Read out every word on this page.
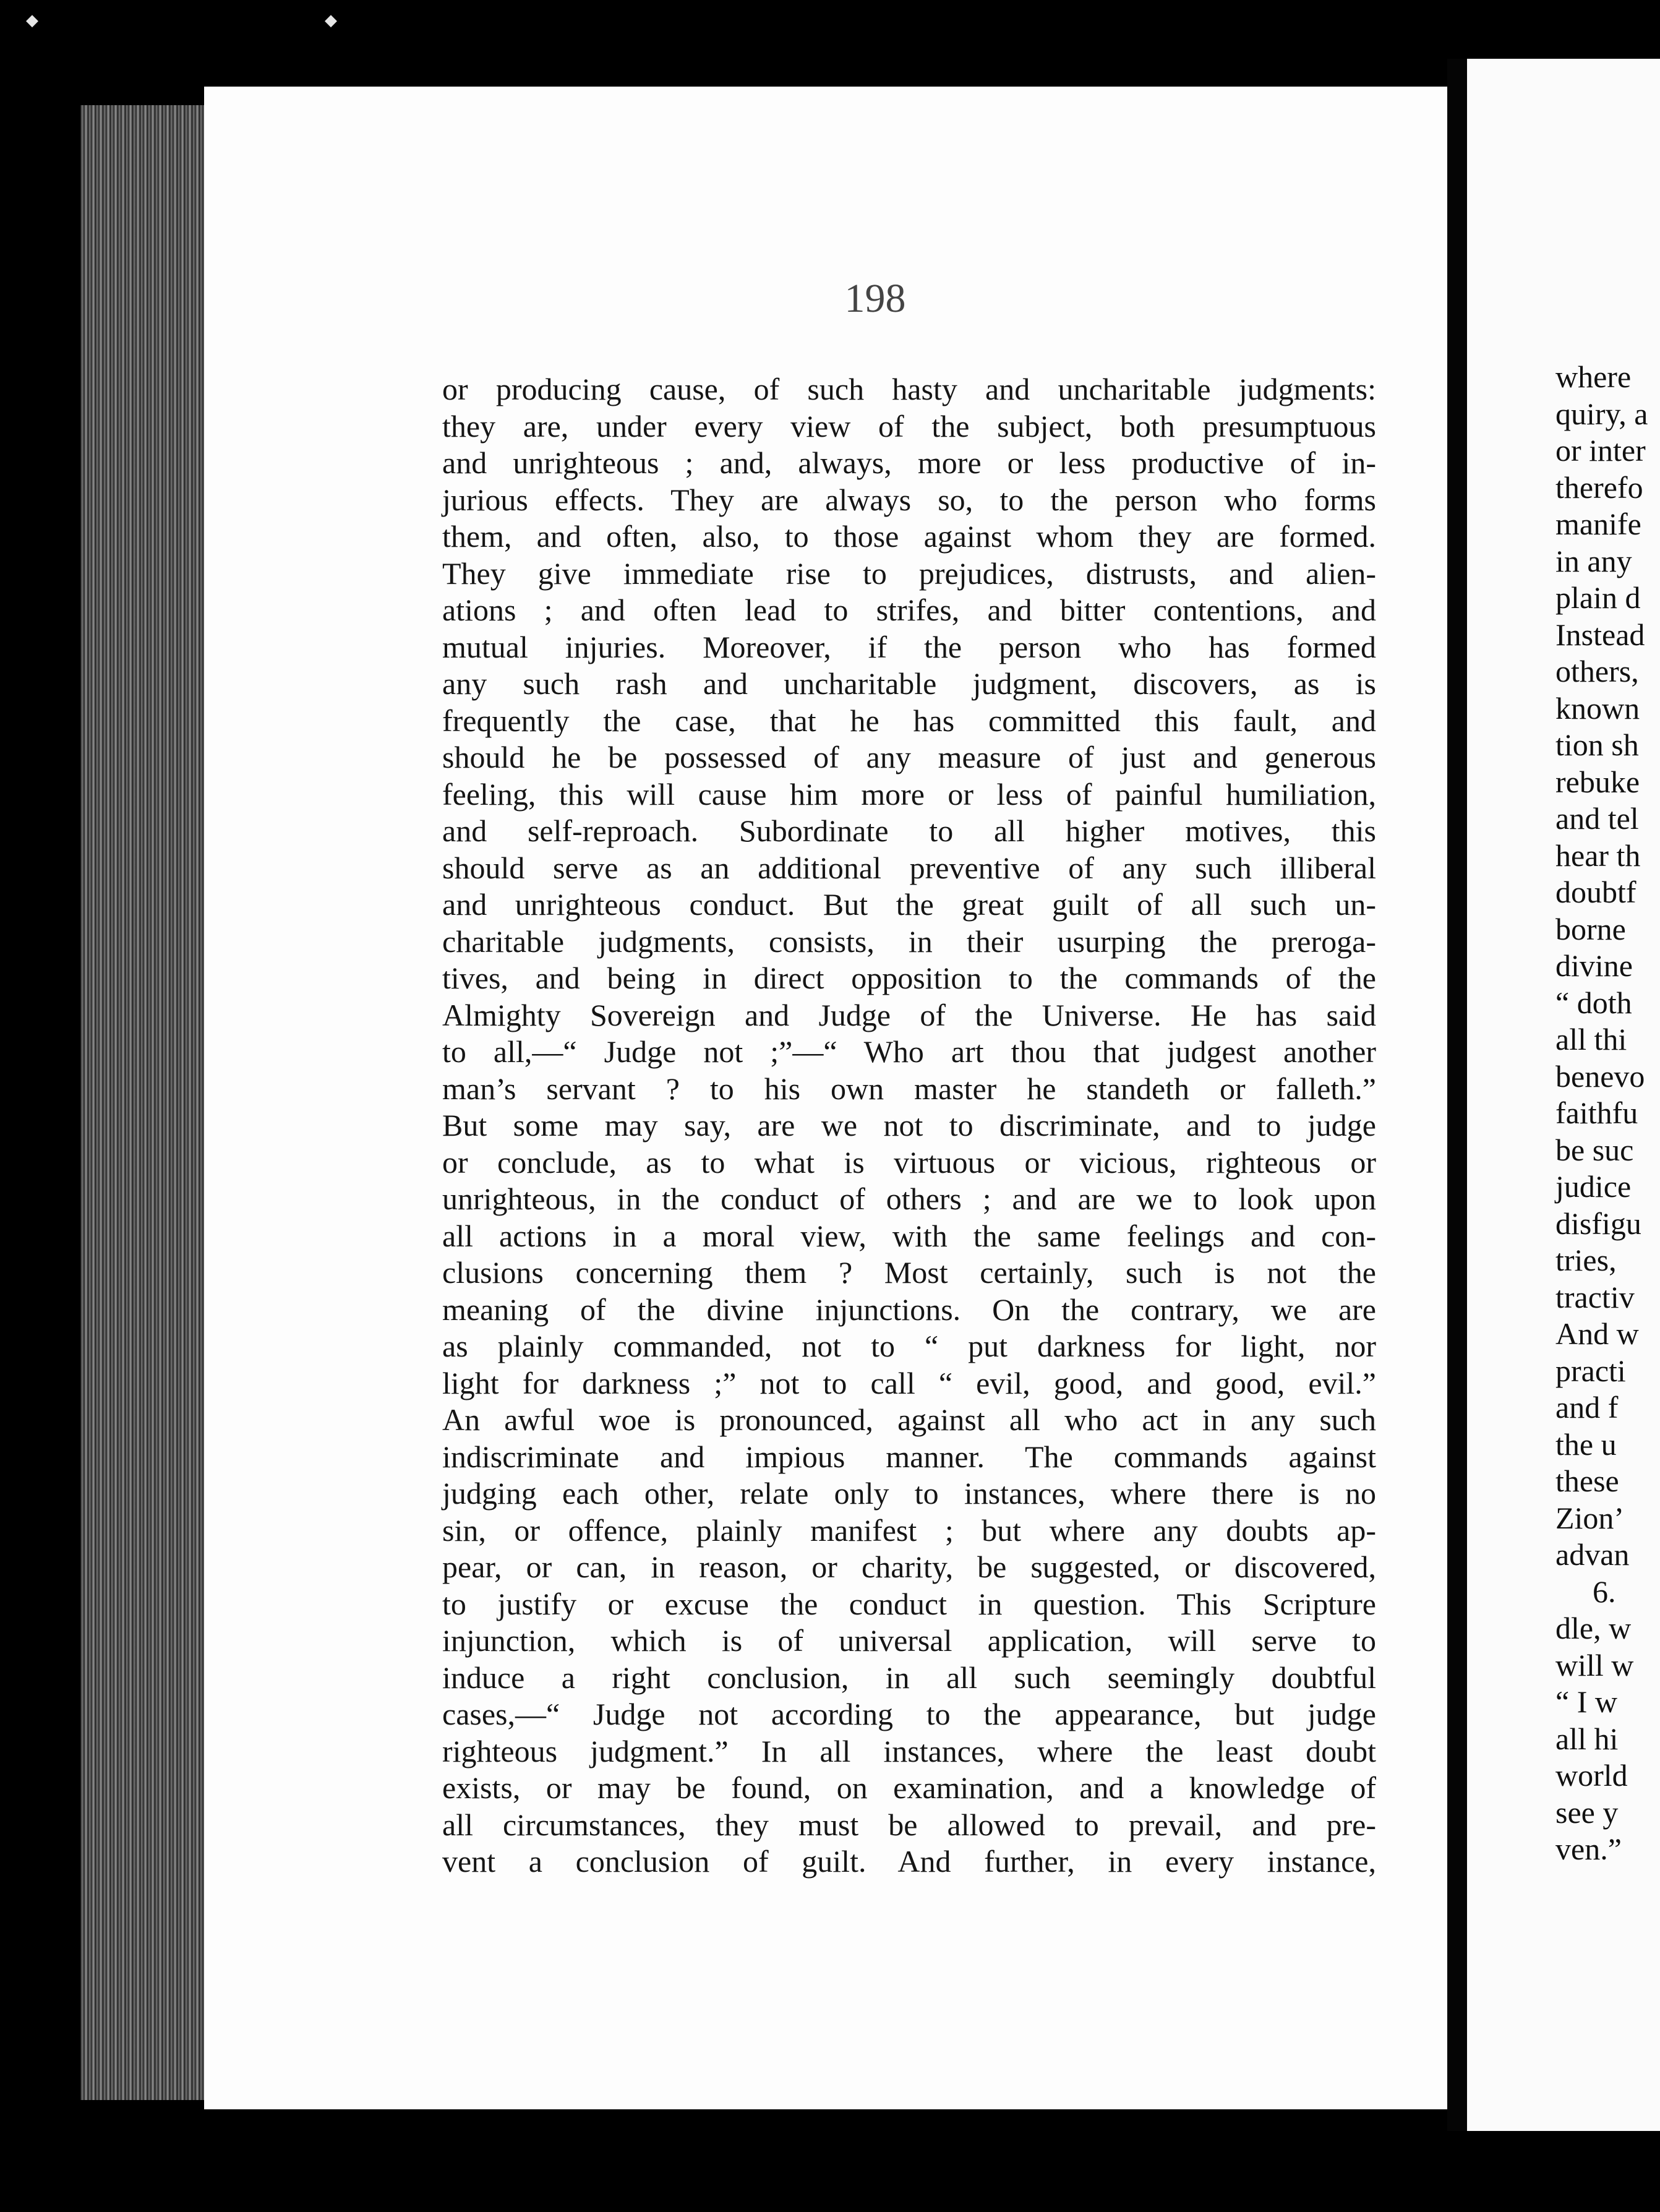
◆	◆
198
or producing cause, of such hasty and uncharitable judgments:
they are, under every view of the subject, both presumptuous
and unrighteous ; and, always, more or less productive of in-
jurious effects. They are always so, to the person who forms
them, and often, also, to those against whom they are formed.
They give immediate rise to prejudices, distrusts, and alien-
ations ; and often lead to strifes, and bitter contentions, and
mutual injuries. Moreover, if the person who has formed
any such rash and uncharitable judgment, discovers, as is
frequently the case, that he has committed this fault, and
should he be possessed of any measure of just and generous
feeling, this will cause him more or less of painful humiliation,
and self-reproach. Subordinate to all higher motives, this
should serve as an additional preventive of any such illiberal
and unrighteous conduct. But the great guilt of all such un-
charitable judgments, consists, in their usurping the preroga-
tives, and being in direct opposition to the commands of the
Almighty Sovereign and Judge of the Universe. He has said
to all,—“ Judge not ;”—“ Who art thou that judgest another
man’s servant ? to his own master he standeth or falleth.”
But some may say, are we not to discriminate, and to judge
or conclude, as to what is virtuous or vicious, righteous or
unrighteous, in the conduct of others ; and are we to look upon
all actions in a moral view, with the same feelings and con-
clusions concerning them ? Most certainly, such is not the
meaning of the divine injunctions. On the contrary, we are
as plainly commanded, not to “ put darkness for light, nor
light for darkness ;” not to call “ evil, good, and good, evil.”
An awful woe is pronounced, against all who act in any such
indiscriminate and impious manner. The commands against
judging each other, relate only to instances, where there is no
sin, or offence, plainly manifest ; but where any doubts ap-
pear, or can, in reason, or charity, be suggested, or discovered,
to justify or excuse the conduct in question. This Scripture
injunction, which is of universal application, will serve to
induce a right conclusion, in all such seemingly doubtful
cases,—“ Judge not according to the appearance, but judge
righteous judgment.” In all instances, where the least doubt
exists, or may be found, on examination, and a knowledge of
all circumstances, they must be allowed to prevail, and pre-
vent a conclusion of guilt. And further, in every instance,
where
quiry, a
or inter
therefo
manife
in any
plain d
Instead
others,
known
tion sh
rebuke
and tel
hear th
doubtf
borne
divine
“ doth
all thi
benevo
faithfu
be suc
judice
disfigu
tries,
tractiv
And w
practi
and f
the u
these
Zion’
advan
6.
dle, w
will w
“ I w
all hi
world
see y
ven.”
